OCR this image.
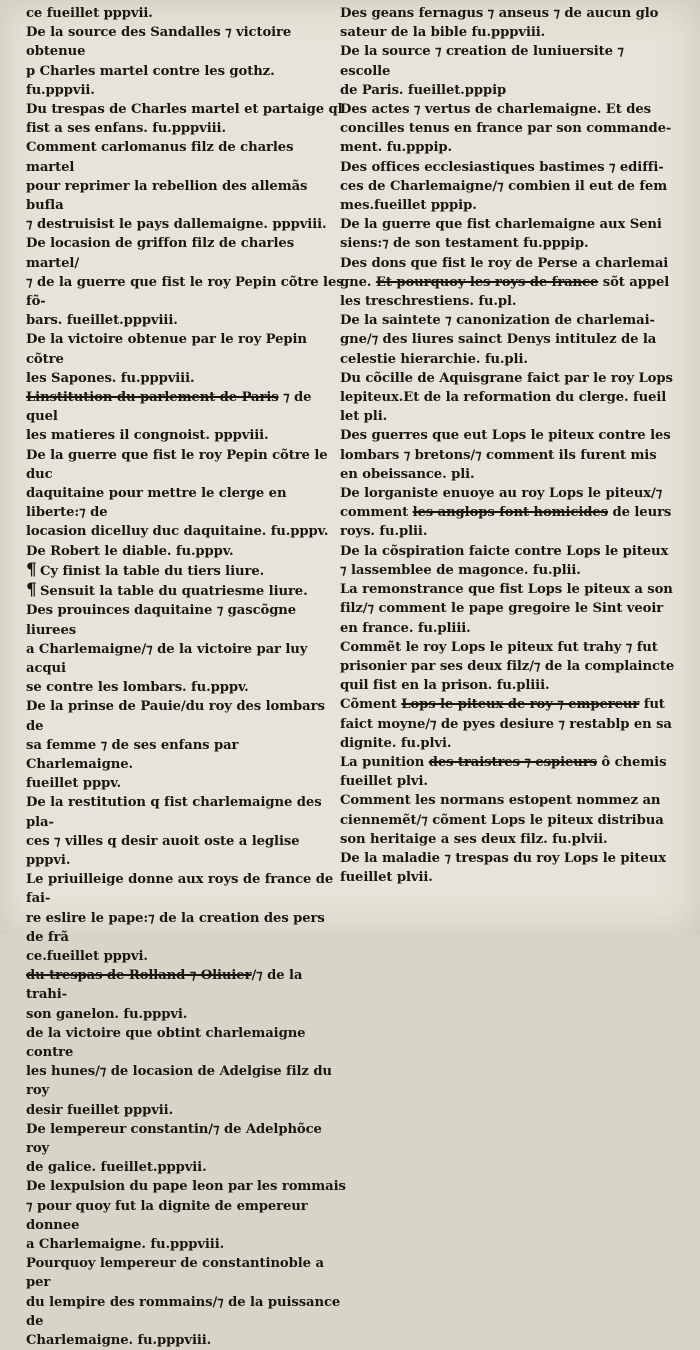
ce fueillet pppvii.

De la source des Sandalles ⁊ victoire obtenue
p Charles martel contre les gothz. fu.pppvii.

Du trespas de Charles martel et partaige ql
fist a ses enfans. fu.pppviii.

Comment carlomanus filz de charles martel
pour reprimer la rebellion des allemãs bufla
⁊ destruisist le pays dallemaigne. pppviii.

De locasion de griffon filz de charles martel/
⁊ de la guerre que fist le roy Pepin cõtre les fõ-
bars. fueillet.pppviii.

De la victoire obtenue par le roy Pepin cõtre
les Sapones. fu.pppviii.

Linstitution du parlement de Paris ⁊ de quel
les matieres il congnoist. pppviii.

De la guerre que fist le roy Pepin cõtre le duc
daquitaine pour mettre le clerge en liberte:⁊ de
locasion dicelluy duc daquitaine. fu.pppv.

De Robert le diable. fu.pppv.

¶ Cy finist la table du tiers liure.

¶ Sensuit la table du quatriesme liure.

Des prouinces daquitaine ⁊ gascõgne liurees
a Charlemaigne/⁊ de la victoire par luy acqui
se contre les lombars. fu.pppv.

De la prinse de Pauie/du roy des lombars de
sa femme ⁊ de ses enfans par Charlemaigne.
fueillet pppv.

De la restitution q fist charlemaigne des pla-
ces ⁊ villes q desir auoit oste a leglise pppvi.
Le priuilleige donne aux roys de france de fai-
re eslire le pape:⁊ de la creation des pers de frã
ce.fueillet pppvi.

du trespas de Rolland ⁊ Oliuier/⁊ de la trahi-
son ganelon. fu.pppvi.

de la victoire que obtint charlemaigne contre
les hunes/⁊ de locasion de Adelgise filz du roy
desir fueillet pppvii.

De lempereur constantin/⁊ de Adelphõce roy
de galice. fueillet.pppvii.

De lexpulsion du pape leon par les rommais
⁊ pour quoy fut la dignite de empereur donnee
a Charlemaigne. fu.pppviii.

Pourquoy lempereur de constantinoble a per
du lempire des rommains/⁊ de la puissance de
Charlemaigne. fu.pppviii.

Des geans fernagus ⁊ anseus ⁊ de aucun glo
sateur de la bible fu.pppviii.

De la source ⁊ creation de luniuersite ⁊ escolle
de Paris. fueillet.pppip

Des actes ⁊ vertus de charlemaigne. Et des
concilles tenus en france par son commande-
ment. fu.pppip.

Des offices ecclesiastiques bastimes ⁊ ediffi-
ces de Charlemaigne/⁊ combien il eut de fem
mes.fueillet pppip.

De la guerre que fist charlemaigne aux Seni
siens:⁊ de son testament fu.pppip.

Des dons que fist le roy de Perse a charlemai
gne. Et pourquoy les roys de france sõt appel
les treschrestiens. fu.pl.

De la saintete ⁊ canonization de charlemai-
gne/⁊ des liures sainct Denys intitulez de la
celestie hierarchie. fu.pli.

Du cõcille de Aquisgrane faict par le roy Lops
lepiteux.Et de la reformation du clerge. fueil
let pli.

Des guerres que eut Lops le piteux contre les
lombars ⁊ bretons/⁊ comment ils furent mis
en obeissance. pli.

De lorganiste enuoye au roy Lops le piteux/⁊
comment les anglops font homicides de leurs
roys. fu.plii.

De la cõspiration faicte contre Lops le piteux
⁊ lassemblee de magonce. fu.plii.

La remonstrance que fist Lops le piteux a son
filz/⁊ comment le pape gregoire le Sint veoir
en france. fu.pliii.

Commẽt le roy Lops le piteux fut trahy ⁊ fut
prisonier par ses deux filz/⁊ de la complaincte
quil fist en la prison. fu.pliii.

Cõment Lops le piteux de roy ⁊ empereur fut
faict moyne/⁊ de pyes desiure ⁊ restablp en sa
dignite. fu.plvi.

La punition des traistres ⁊ espieurs ô chemis
fueillet plvi.

Comment les normans estopent nommez an
ciennemẽt/⁊ cõment Lops le piteux distribua
son heritaige a ses deux filz. fu.plvii.

De la maladie ⁊ trespas du roy Lops le piteux
fueillet plvii.
